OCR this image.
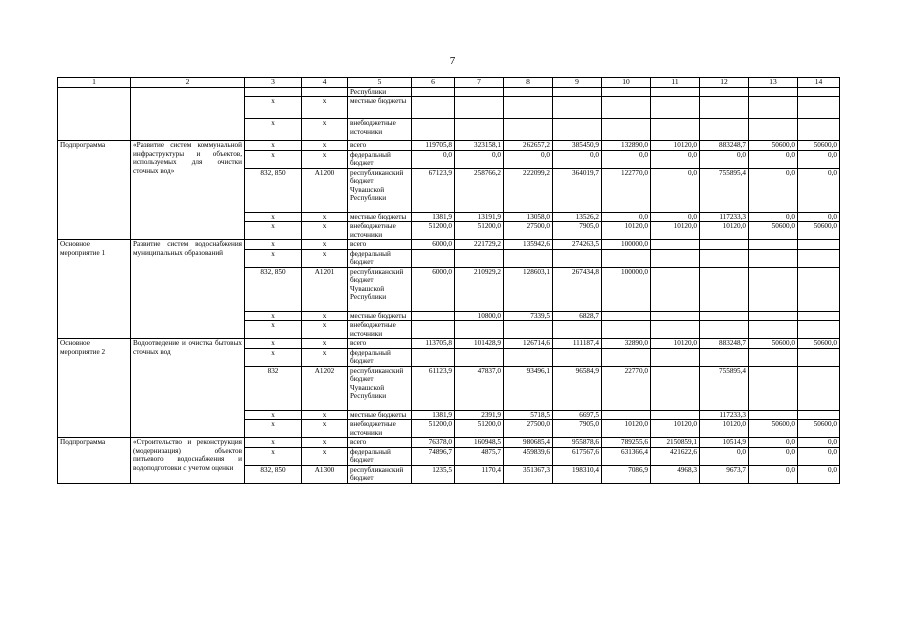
7
1	2	3	4	5	6	7	8	9	10	11	12	13	14
				Республики									
		х	х	местные бюджеты									
		х	х	внебюджетные источники									
Подпрограмма	«Развитие систем коммунальной инфраструктуры и объектов, используемых для очистки сточных вод»	х	х	всего	119705,8	323158,1	262657,2	385450,9	132890,0	10120,0	883248,7	50600,0	50600,0
		х	х	федеральный бюджет	0,0	0,0	0,0	0,0	0,0	0,0	0,0	0,0	0,0
		832, 850	А1200	республиканский бюджет Чувашской Республики	67123,9	258766,2	222099,2	364019,7	122770,0	0,0	755895,4	0,0	0,0
		х	х	местные бюджеты	1381,9	13191,9	13058,0	13526,2	0,0	0,0	117233,3	0,0	0,0
		х	х	внебюджетные источники	51200,0	51200,0	27500,0	7905,0	10120,0	10120,0	10120,0	50600,0	50600,0
Основное мероприятие 1	Развитие систем водоснабжения муниципальных образований	х	х	всего	6000,0	221729,2	135942,6	274263,5	100000,0				
		х	х	федеральный бюджет									
		832, 850	А1201	республиканский бюджет Чувашской Республики	6000,0	210929,2	128603,1	267434,8	100000,0				
		х	х	местные бюджеты		10800,0	7339,5	6828,7					
		х	х	внебюджетные источники									
Основное мероприятие 2	Водоотведение и очистка бытовых сточных вод	х	х	всего	113705,8	101428,9	126714,6	111187,4	32890,0	10120,0	883248,7	50600,0	50600,0
		х	х	федеральный бюджет									
		832	А1202	республиканский бюджет Чувашской Республики	61123,9	47837,0	93496,1	96584,9	22770,0		755895,4		
		х	х	местные бюджеты	1381,9	2391,9	5718,5	6697,5			117233,3		
		х	х	внебюджетные источники	51200,0	51200,0	27500,0	7905,0	10120,0	10120,0	10120,0	50600,0	50600,0
Подпрограмма	«Строительство и реконструкция (модернизация) объектов питьевого водоснабжения и водоподготовки с учетом оценки	х	х	всего	76378,0	160948,5	980685,4	955878,6	789255,6	2150859,1	10514,9	0,0	0,0
		х	х	федеральный бюджет	74896,7	4875,7	459839,6	617567,6	631366,4	421622,6	0,0	0,0	0,0
		832, 850	А1300	республиканский бюджет	1235,5	1170,4	351367,3	198310,4	7086,9	4968,3	9673,7	0,0	0,0
